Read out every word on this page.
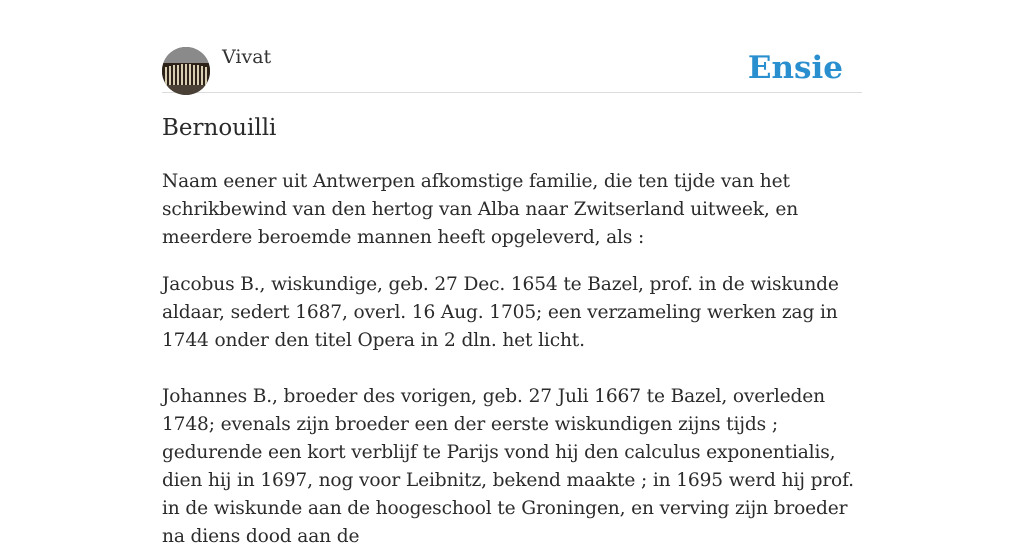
Vivat	Ensie
Bernouilli

Naam eener uit Antwerpen afkomstige familie, die ten tijde van het schrikbewind van den hertog van Alba naar Zwitserland uitweek, en meerdere beroemde mannen heeft opgeleverd, als :

Jacobus B., wiskundige, geb. 27 Dec. 1654 te Bazel, prof. in de wiskunde aldaar, sedert 1687, overl. 16 Aug. 1705; een verzameling werken zag in 1744 onder den titel Opera in 2 dln. het licht.

Johannes B., broeder des vorigen, geb. 27 Juli 1667 te Bazel, overleden 1748; evenals zijn broeder een der eerste wiskundigen zijns tijds ; gedurende een kort verblijf te Parijs vond hij den calculus exponentialis, dien hij in 1697, nog voor Leibnitz, bekend maakte ; in 1695 werd hij prof. in de wiskunde aan de hoogeschool te Groningen, en verving zijn broeder na diens dood aan de
